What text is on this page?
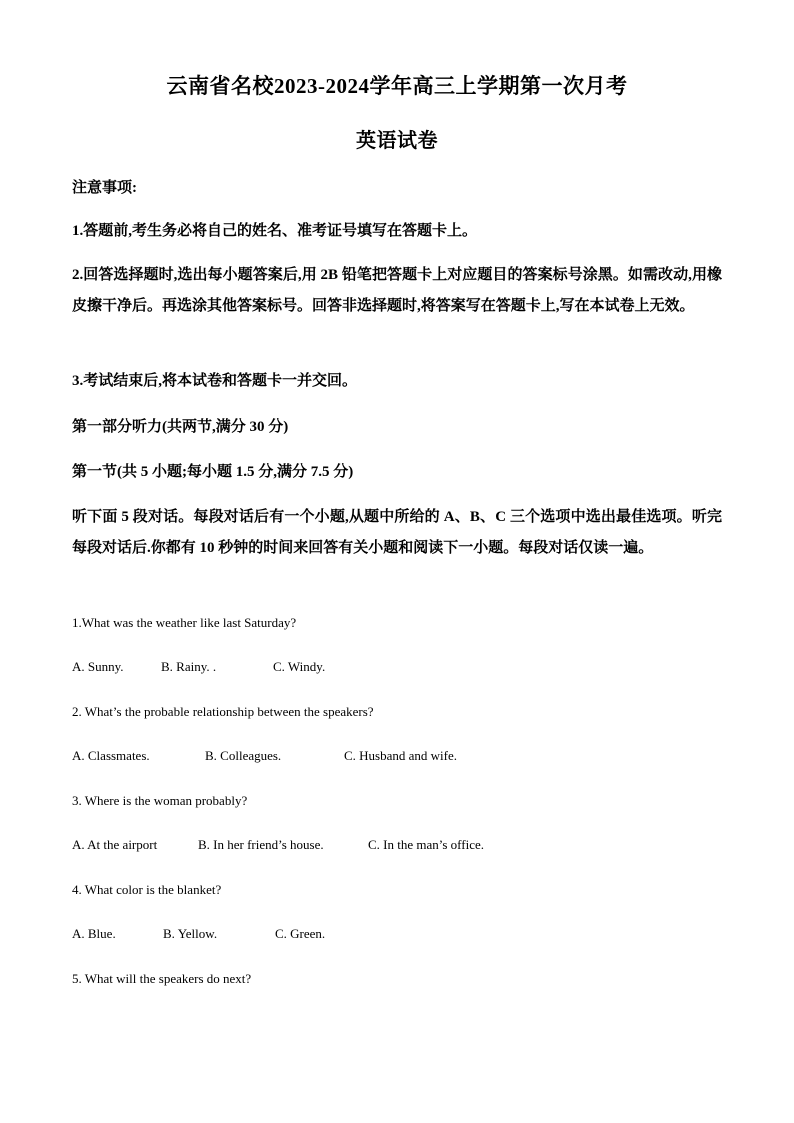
云南省名校2023-2024学年高三上学期第一次月考
英语试卷
注意事项:
1.答题前,考生务必将自己的姓名、准考证号填写在答题卡上。
2.回答选择题时,选出每小题答案后,用 2B 铅笔把答题卡上对应题目的答案标号涂黑。如需改动,用橡皮擦干净后。再选涂其他答案标号。回答非选择题时,将答案写在答题卡上,写在本试卷上无效。
3.考试结束后,将本试卷和答题卡一并交回。
第一部分听力(共两节,满分 30 分)
第一节(共 5 小题;每小题 1.5 分,满分 7.5 分)
听下面 5 段对话。每段对话后有一个小题,从题中所给的 A、B、C 三个选项中选出最佳选项。听完每段对话后.你都有 10 秒钟的时间来回答有关小题和阅读下一小题。每段对话仅读一遍。
1.What was the weather like last Saturday?
A. Sunny.	B. Rainy. .	C. Windy.
2. What’s the probable relationship between the speakers?
A. Classmates.	B. Colleagues.	C. Husband and wife.
3. Where is the woman probably?
A. At the airport	B. In her friend’s house.	C. In the man’s office.
4. What color is the blanket?
A. Blue.	B. Yellow.	C. Green.
5. What will the speakers do next?
